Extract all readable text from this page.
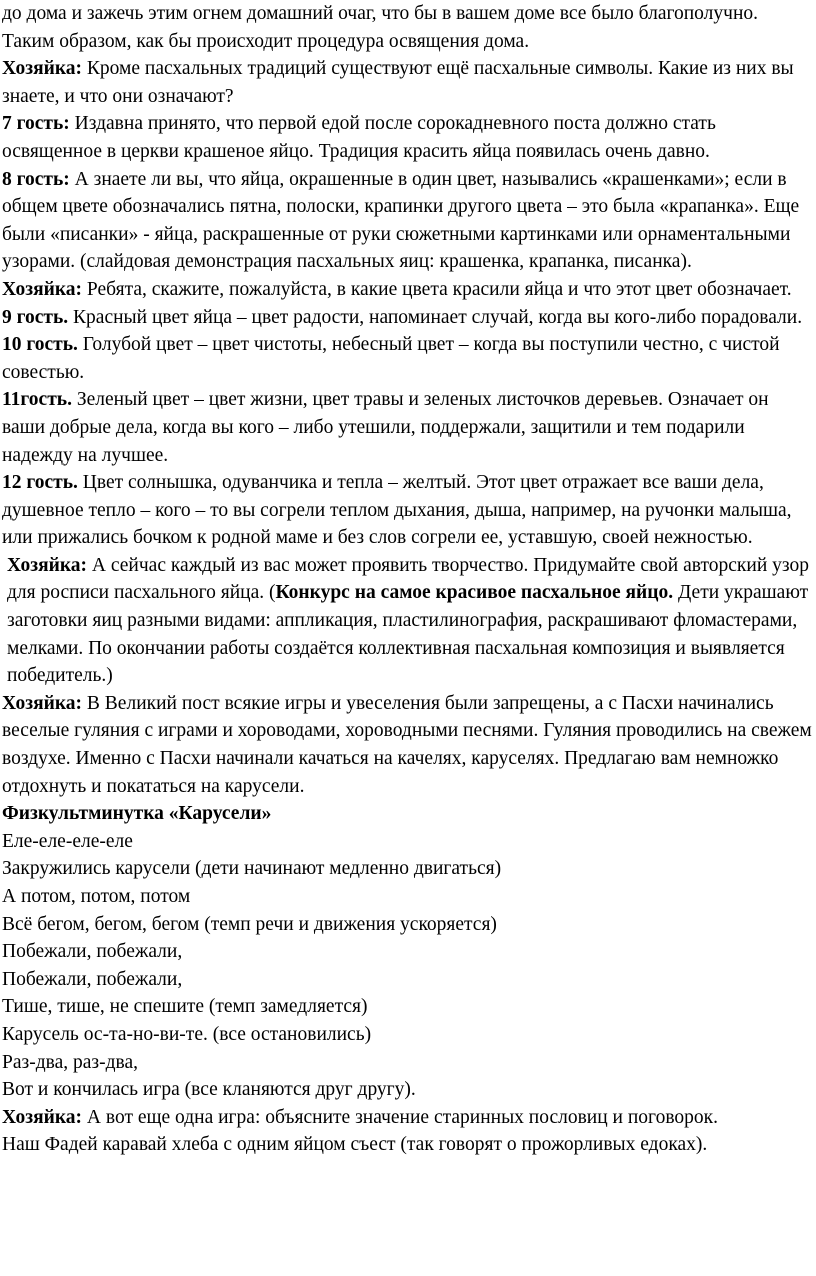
до дома и зажечь этим огнем домашний очаг, что бы в вашем доме все было благополучно. Таким образом, как бы происходит процедура освящения дома.

Хозяйка: Кроме пасхальных традиций существуют ещё пасхальные символы. Какие из них вы знаете, и что они означают?

7 гость: Издавна принято, что первой едой после сорокадневного поста должно стать освященное в церкви крашеное яйцо. Традиция красить яйца появилась очень давно.

8 гость: А знаете ли вы, что яйца, окрашенные в один цвет, назывались «крашенками»; если в общем цвете обозначались пятна, полоски, крапинки другого цвета – это была «крапанка». Еще были «писанки» - яйца, раскрашенные от руки сюжетными картинками или орнаментальными узорами. (слайдовая демонстрация пасхальных яиц: крашенка, крапанка, писанка).

Хозяйка: Ребята, скажите, пожалуйста, в какие цвета красили яйца и что этот цвет обозначает.

9 гость. Красный цвет яйца – цвет радости, напоминает случай, когда вы кого-либо порадовали.

10 гость. Голубой цвет – цвет чистоты, небесный цвет – когда вы поступили честно, с чистой совестью.

11гость. Зеленый цвет – цвет жизни, цвет травы и зеленых листочков деревьев. Означает он ваши добрые дела, когда вы кого – либо утешили, поддержали, защитили и тем подарили надежду на лучшее.

12 гость. Цвет солнышка, одуванчика и тепла – желтый. Этот цвет отражает все ваши дела, душевное тепло – кого – то вы согрели теплом дыхания, дыша, например, на ручонки малыша, или прижались бочком к родной маме и без слов согрели ее, уставшую, своей нежностью.

Хозяйка: А сейчас каждый из вас может проявить творчество. Придумайте свой авторский узор для росписи пасхального яйца. (Конкурс на самое красивое пасхальное яйцо. Дети украшают заготовки яиц разными видами: аппликация, пластилинография, раскрашивают фломастерами, мелками. По окончании работы создаётся коллективная пасхальная композиция и выявляется победитель.)

Хозяйка: В Великий пост всякие игры и увеселения были запрещены, а с Пасхи начинались веселые гуляния с играми и хороводами, хороводными песнями. Гуляния проводились на свежем воздухе. Именно с Пасхи начинали качаться на качелях, каруселях. Предлагаю вам немножко отдохнуть и покататься на карусели.

Физкультминутка «Карусели»

Еле-еле-еле-еле

Закружились карусели (дети начинают медленно двигаться)

А потом, потом, потом

Всё бегом, бегом, бегом (темп речи и движения ускоряется)

Побежали, побежали,

Побежали, побежали,

Тише, тише, не спешите (темп замедляется)

Карусель ос-та-но-ви-те. (все остановились)

Раз-два, раз-два,

Вот и кончилась игра (все кланяются друг другу).

Хозяйка: А вот еще одна игра: объясните значение старинных пословиц и поговорок.

Наш Фадей каравай хлеба с одним яйцом съест (так говорят о прожорливых едоках).
